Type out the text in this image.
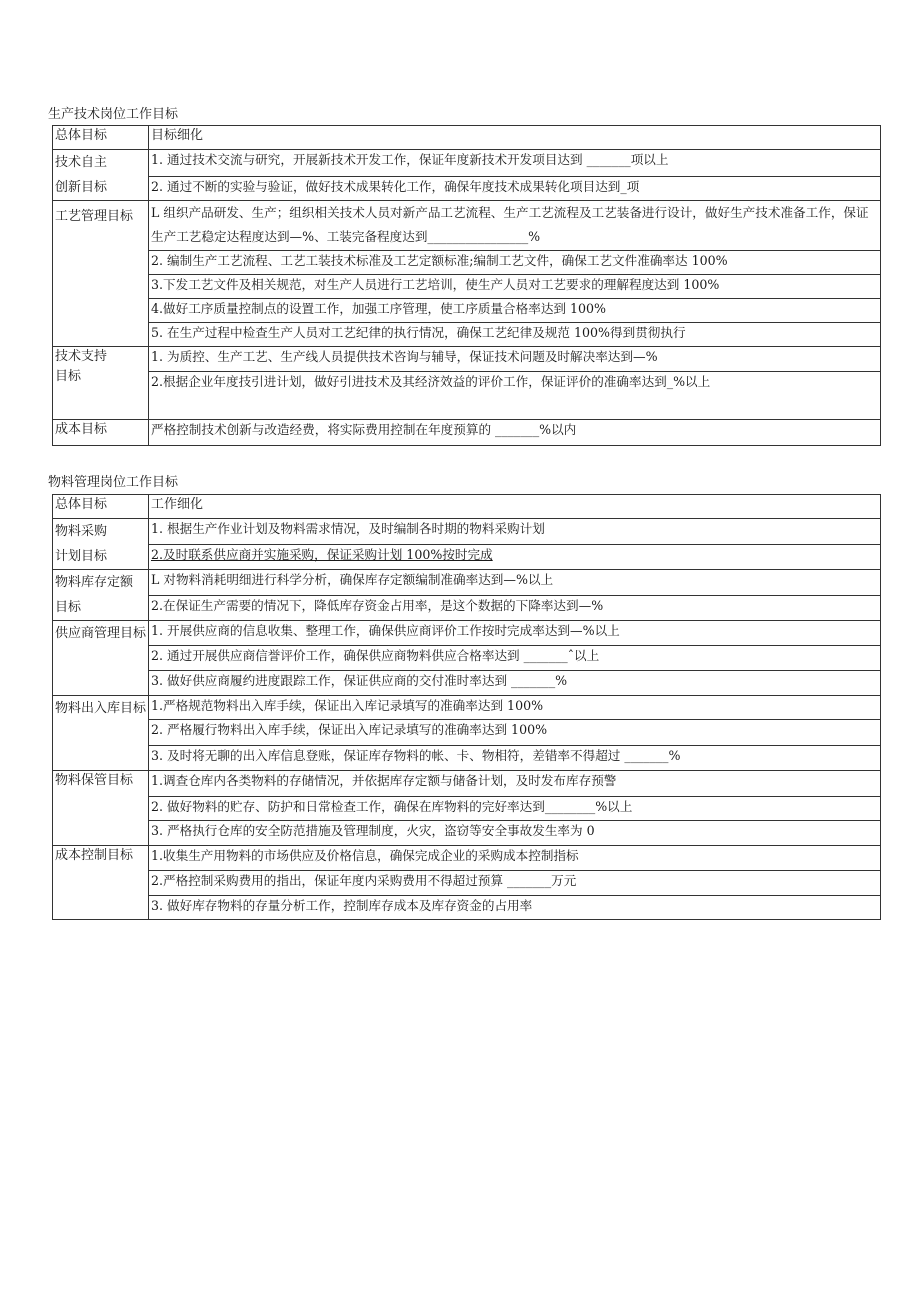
生产技术岗位工作目标
总体目标	目标细化
技术自主
创新目标	1. 通过技术交流与研究，开展新技术开发工作，保证年度新技术开发项目达到 _______项以上
	2. 通过不断的实验与验证，做好技术成果转化工作，确保年度技术成果转化项目达到_项

工艺管理目标	L 组织产品研发、生产；组织相关技术人员对新产品工艺流程、生产工艺流程及工艺装备进行设计，做好生产技术准备工作，保证生产工艺稳定达程度达到—%、工装完备程度达到________________%
	2. 编制生产工艺流程、工艺工装技术标准及工艺定额标准;编制工艺文件，确保工艺文件准确率达 100%
	3.下发工艺文件及相关规范，对生产人员进行工艺培训，使生产人员对工艺要求的理解程度达到 100%
	4.做好工序质量控制点的设置工作，加强工序管理，使工序质量合格率达到 100%
	5. 在生产过程中检查生产人员对工艺纪律的执行情况，确保工艺纪律及规范 100%得到贯彻执行
技术支持
目标	1. 为质控、生产工艺、生产线人员提供技术咨询与辅导，保证技术问题及时解决率达到—%
	2.根据企业年度技引进计划，做好引进技术及其经济效益的评价工作，保证评价的准确率达到_%以上
成本目标	严格控制技术创新与改造经费，将实际费用控制在年度预算的 _______%以内
物料管理岗位工作目标
总体目标	工作细化
物料采购
计划目标	1. 根据生产作业计划及物料需求情况，及时编制各时期的物料采购计划
	2.及时联系供应商并实施采购，保证采购计划 100%按时完成
物料库存定额
目标	L 对物料消耗明细进行科学分析，确保库存定额编制准确率达到—%以上
	2.在保证生产需要的情况下，降低库存资金占用率，是这个数据的下降率达到—%
供应商管理目标	1. 开展供应商的信息收集、整理工作，确保供应商评价工作按时完成率达到—%以上
	2. 通过开展供应商信誉评价工作，确保供应商物料供应合格率达到 _______ˆ以上
	3. 做好供应商履约进度跟踪工作，保证供应商的交付准时率达到 _______%
物料出入库目标	1.严格规范物料出入库手续，保证出入库记录填写的准确率达到 100%
	2. 严格履行物料出入库手续，保证出入库记录填写的准确率达到 100%
	3. 及时将无聊的出入库信息登账，保证库存物料的帐、卡、物相符，差错率不得超过 _______%
物料保管目标	1.调查仓库内各类物料的存储情况，并依据库存定额与储备计划，及时发布库存预警
	2. 做好物料的贮存、防护和日常检查工作，确保在库物料的完好率达到________%以上
	3. 严格执行仓库的安全防范措施及管理制度，火灾，盗窃等安全事故发生率为 0
成本控制目标	1.收集生产用物料的市场供应及价格信息，确保完成企业的采购成本控制指标
	2.严格控制采购费用的指出，保证年度内采购费用不得超过预算 _______万元
	3. 做好库存物料的存量分析工作，控制库存成本及库存资金的占用率
